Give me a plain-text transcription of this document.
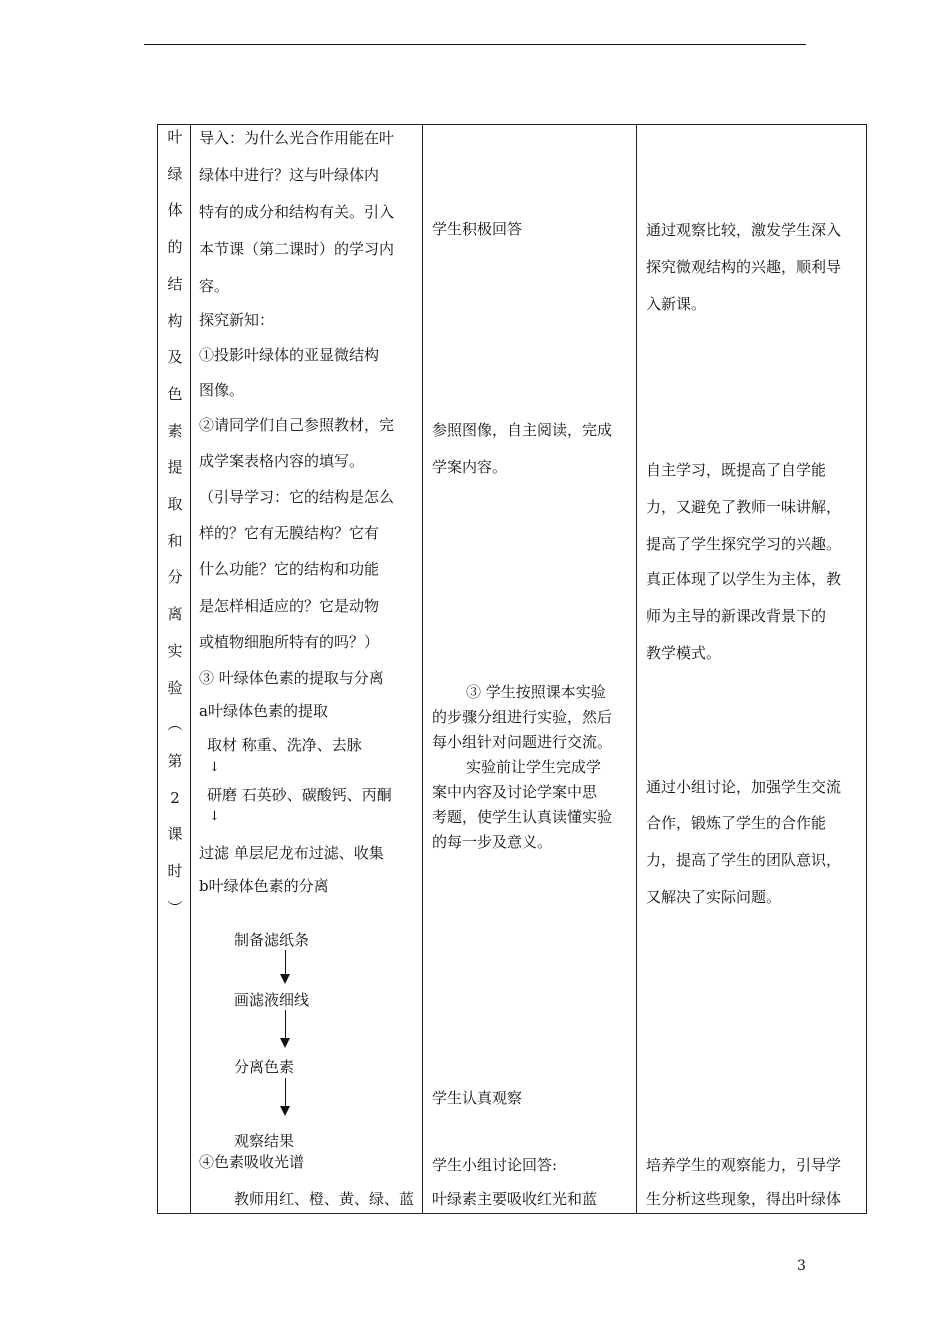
叶
绿
体
的
结
构
及
色
素
提
取
和
分
离
实
验
︵
第
2
课
时
︶
导入：为什么光合作用能在叶
绿体中进行？这与叶绿体内
特有的成分和结构有关。引入
本节课（第二课时）的学习内
容。
探究新知：
①投影叶绿体的亚显微结构
图像。
②请同学们自己参照教材，完
成学案表格内容的填写。
（引导学习：它的结构是怎么
样的？它有无膜结构？它有
什么功能？它的结构和功能
是怎样相适应的？它是动物
或植物细胞所特有的吗？）
③ 叶绿体色素的提取与分离
a叶绿体色素的提取
取材 称重、洗净、去脉
↓
研磨 石英砂、碳酸钙、丙酮
↓
过滤 单层尼龙布过滤、收集
b叶绿体色素的分离
制备滤纸条
画滤液细线
分离色素
观察结果
④色素吸收光谱
教师用红、橙、黄、绿、蓝
学生积极回答
参照图像，自主阅读，完成
学案内容。
③ 学生按照课本实验
的步骤分组进行实验，然后
每小组针对问题进行交流。
实验前让学生完成学
案中内容及讨论学案中思
考题，使学生认真读懂实验
的每一步及意义。
学生认真观察
学生小组讨论回答:
叶绿素主要吸收红光和蓝
通过观察比较，激发学生深入
探究微观结构的兴趣，顺利导
入新课。
自主学习，既提高了自学能
力，又避免了教师一味讲解，
提高了学生探究学习的兴趣。
真正体现了以学生为主体，教
师为主导的新课改背景下的
教学模式。
通过小组讨论，加强学生交流
合作，锻炼了学生的合作能
力，提高了学生的团队意识，
又解决了实际问题。
培养学生的观察能力，引导学
生分析这些现象，得出叶绿体
3
